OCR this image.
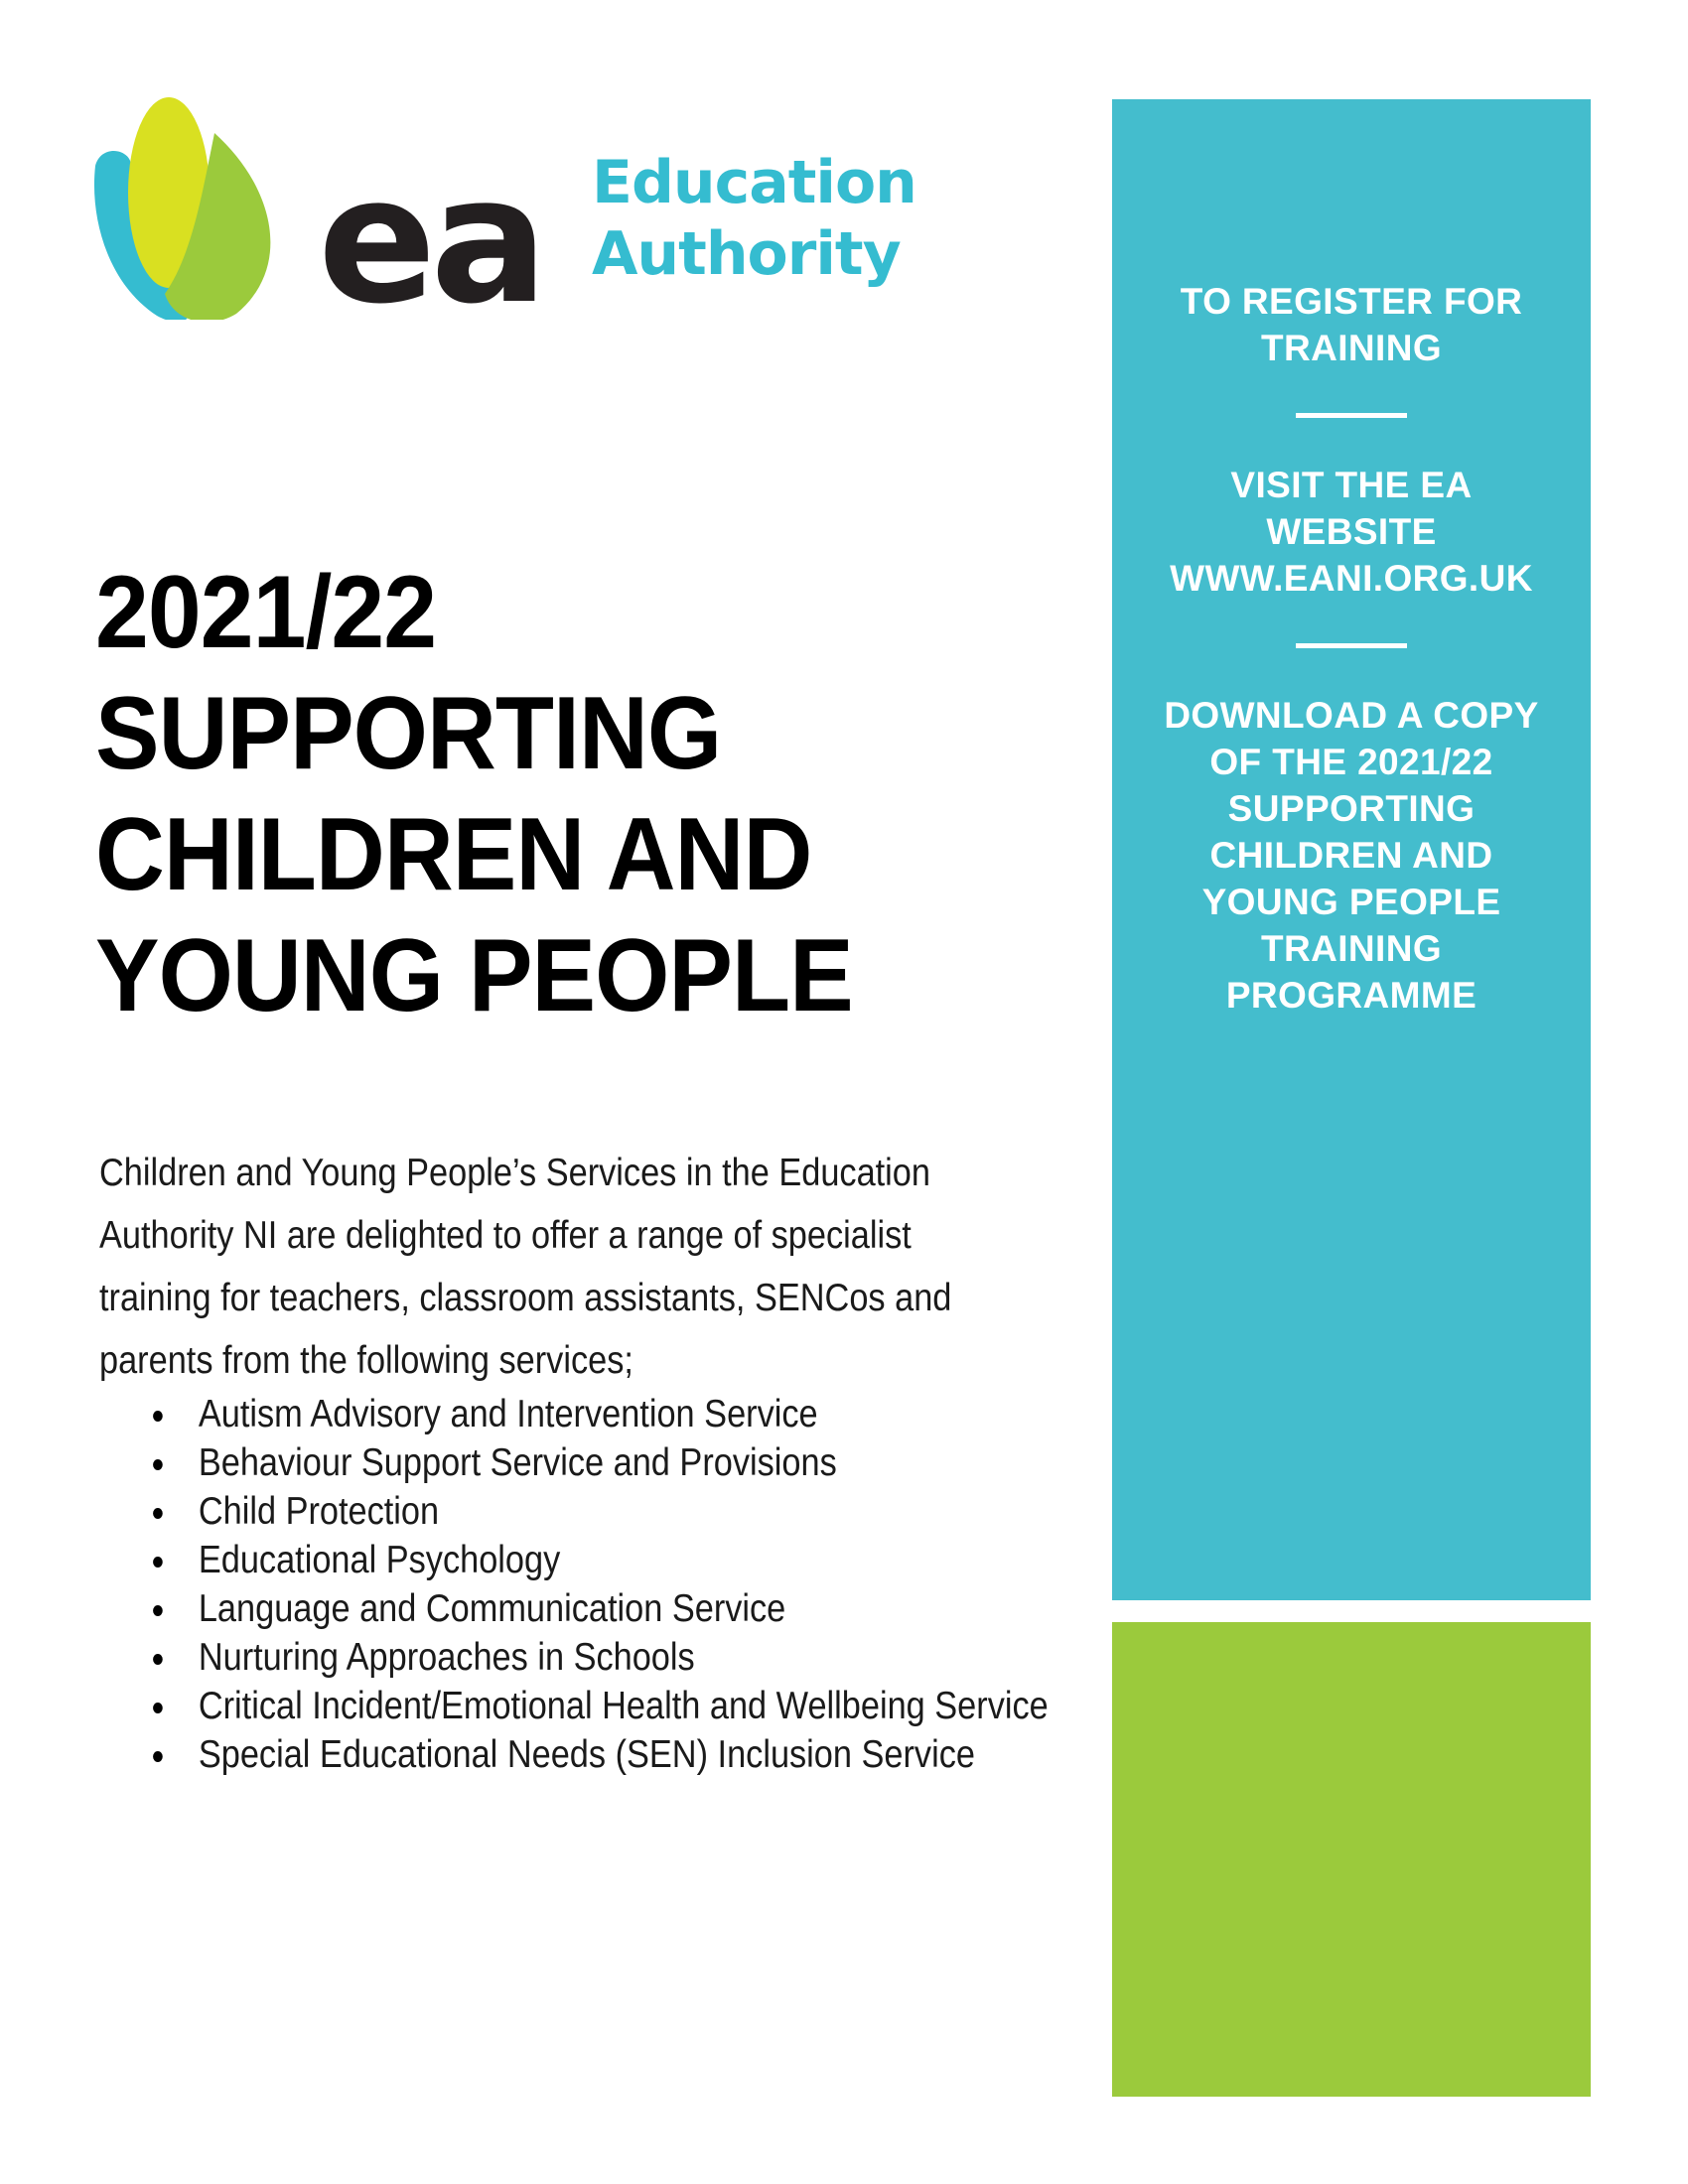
ea Education
Authority
2021/22
SUPPORTING
CHILDREN AND
YOUNG PEOPLE

Children and Young People’s Services in the Education

Authority NI are delighted to offer a range of specialist

training for teachers, classroom assistants, SENCos and

parents from the following services;

Autism Advisory and Intervention Service
Behaviour Support Service and Provisions
Child Protection
Educational Psychology
Language and Communication Service
Nurturing Approaches in Schools
Critical Incident/Emotional Health and Wellbeing Service
Special Educational Needs (SEN) Inclusion Service
TO REGISTER FOR
TRAINING
VISIT THE EA
WEBSITE
WWW.EANI.ORG.UK
DOWNLOAD A COPY
OF THE 2021/22
SUPPORTING
CHILDREN AND
YOUNG PEOPLE
TRAINING
PROGRAMME
